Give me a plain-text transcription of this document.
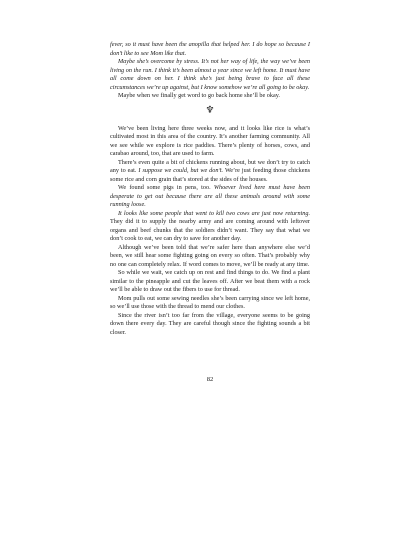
fever, so it must have been the anopilla that helped her. I do hope so because I don’t like to see Mom like that.

Maybe she’s overcome by stress. It’s not her way of life, the way we’ve been living on the run. I think it’s been almost a year since we left home. It must have all come down on her. I think she’s just being brave to face all these circumstances we’re up against, but I know somehow we’re all going to be okay.

Maybe when we finally get word to go back home she’ll be okay.

♆

We’ve been living here three weeks now, and it looks like rice is what’s cultivated most in this area of the country. It’s another farming community. All we see while we explore is rice paddies. There’s plenty of horses, cows, and carabao around, too, that are used to farm.

There’s even quite a bit of chickens running about, but we don’t try to catch any to eat. I suppose we could, but we don’t. We’re just feeding those chickens some rice and corn grain that’s stored at the sides of the houses.

We found some pigs in pens, too. Whoever lived here must have been desperate to get out because there are all these animals around with some running loose.

It looks like some people that went to kill two cows are just now returning. They did it to supply the nearby army and are coming around with leftover organs and beef chunks that the soldiers didn’t want. They say that what we don’t cook to eat, we can dry to save for another day.

Although we’ve been told that we’re safer here than anywhere else we’d been, we still hear some fighting going on every so often. That’s probably why no one can completely relax. If word comes to move, we’ll be ready at any time.

So while we wait, we catch up on rest and find things to do. We find a plant similar to the pineapple and cut the leaves off. After we beat them with a rock we’ll be able to draw out the fibers to use for thread.

Mom pulls out some sewing needles she’s been carrying since we left home, so we’ll use those with the thread to mend our clothes.

Since the river isn’t too far from the village, everyone seems to be going down there every day. They are careful though since the fighting sounds a bit closer.

82
